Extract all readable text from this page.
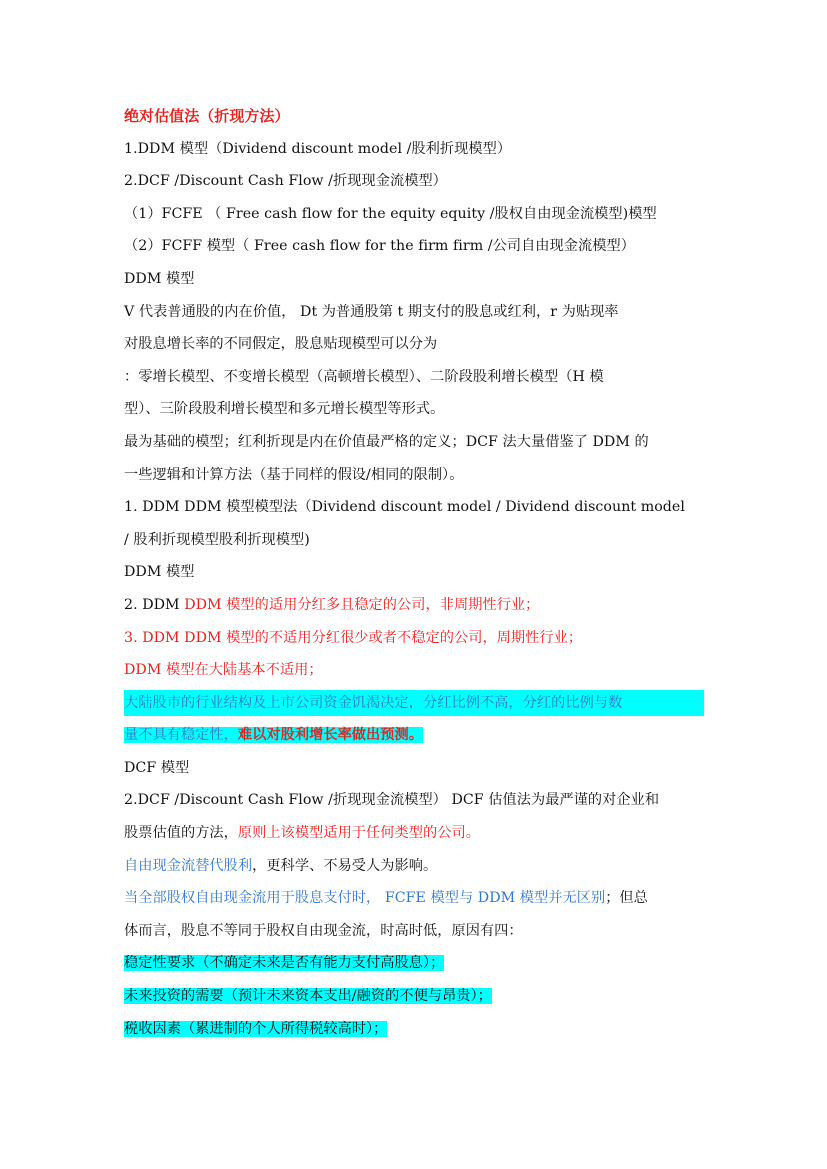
绝对估值法（折现方法）
1.DDM 模型（Dividend discount model /股利折现模型）
2.DCF /Discount Cash Flow /折现现金流模型）
（1）FCFE （ Free cash flow for the equity equity /股权自由现金流模型)模型
（2）FCFF 模型（ Free cash flow for the firm firm /公司自由现金流模型）
DDM 模型
V 代表普通股的内在价值， Dt 为普通股第 t 期支付的股息或红利，r 为贴现率
对股息增长率的不同假定，股息贴现模型可以分为
：零增长模型、不变增长模型（高顿增长模型）、二阶段股利增长模型（H 模
型）、三阶段股利增长模型和多元增长模型等形式。
最为基础的模型；红利折现是内在价值最严格的定义；DCF 法大量借鉴了 DDM 的
一些逻辑和计算方法（基于同样的假设/相同的限制）。
1. DDM DDM 模型模型法（Dividend discount model / Dividend discount model
/ 股利折现模型股利折现模型)
DDM 模型
2. DDM DDM 模型的适用分红多且稳定的公司，非周期性行业；
3. DDM DDM 模型的不适用分红很少或者不稳定的公司，周期性行业；
DDM 模型在大陆基本不适用；
大陆股市的行业结构及上市公司资金饥渴决定，分红比例不高，分红的比例与数
量不具有稳定性，难以对股利增长率做出预测。
DCF 模型
2.DCF /Discount Cash Flow /折现现金流模型） DCF 估值法为最严谨的对企业和
股票估值的方法，原则上该模型适用于任何类型的公司。
自由现金流替代股利，更科学、不易受人为影响。
当全部股权自由现金流用于股息支付时， FCFE 模型与 DDM 模型并无区别；但总
体而言，股息不等同于股权自由现金流，时高时低，原因有四：
稳定性要求（不确定未来是否有能力支付高股息）；
未来投资的需要（预计未来资本支出/融资的不便与昂贵）；
税收因素（累进制的个人所得税较高时）；
